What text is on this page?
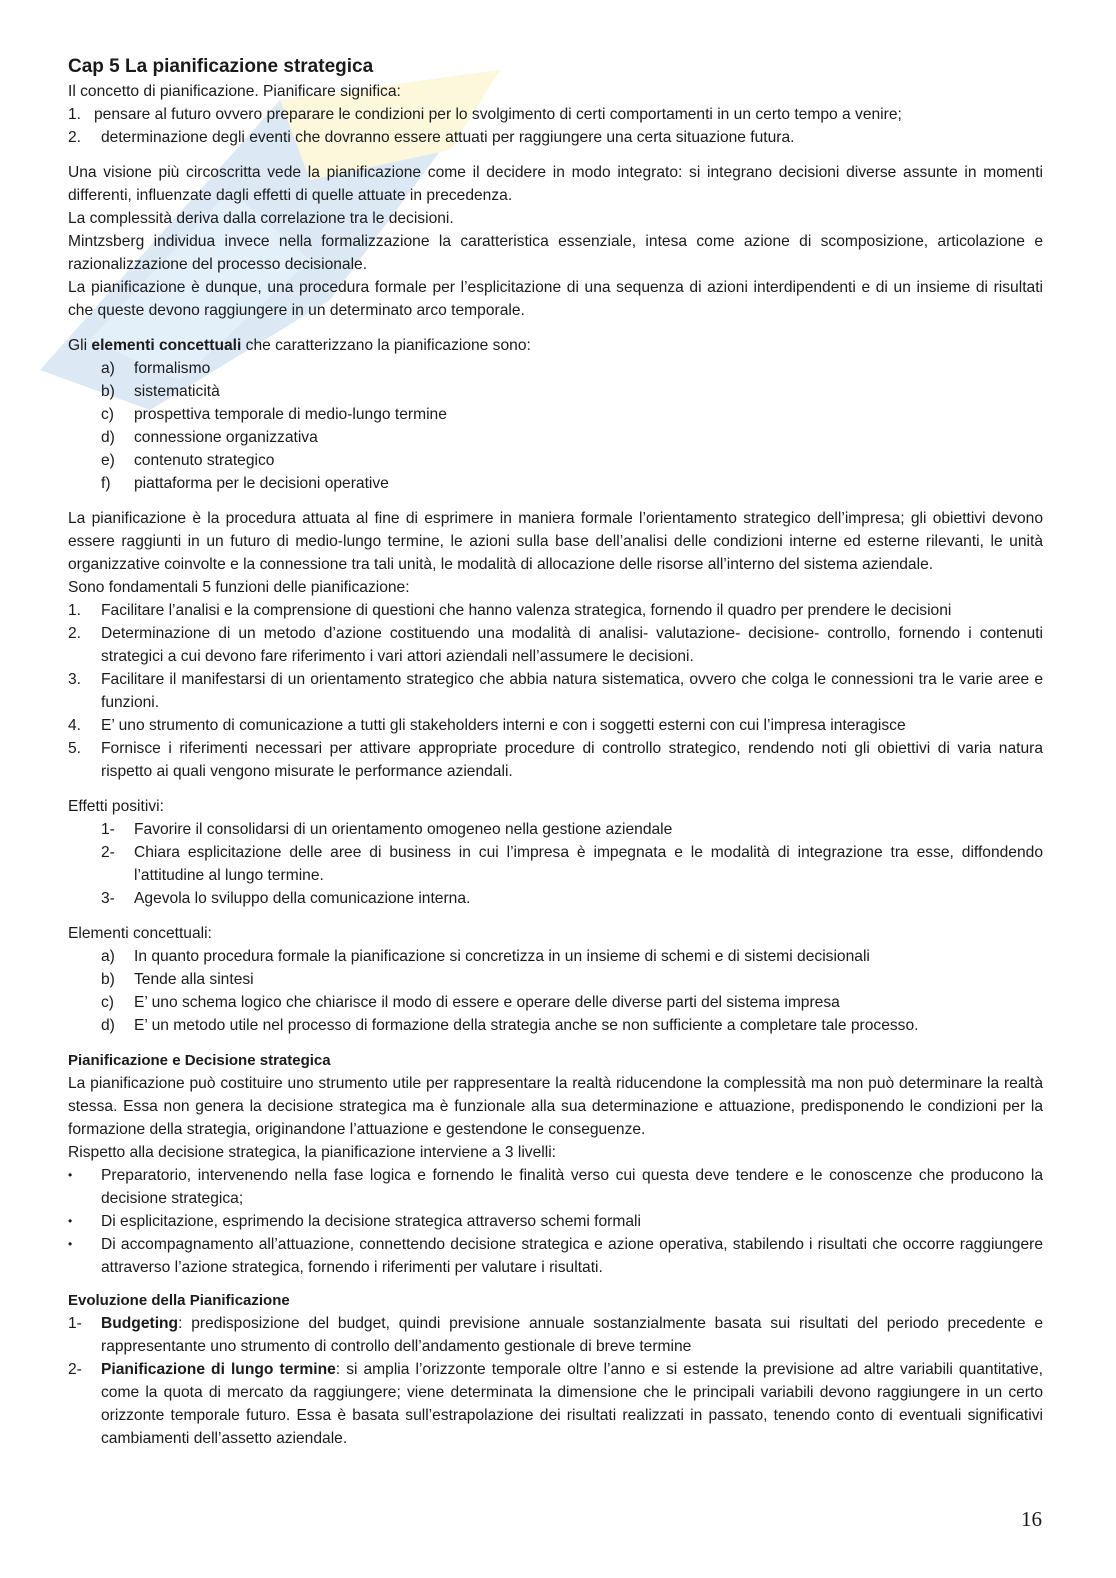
Cap 5 La pianificazione strategica

Il concetto di pianificazione. Pianificare significa:

1. pensare al futuro ovvero preparare le condizioni per lo svolgimento di certi comportamenti in un certo tempo a venire;
2.	determinazione degli eventi che dovranno essere attuati per raggiungere una certa situazione futura.

Una visione più circoscritta vede la pianificazione come il decidere in modo integrato: si integrano decisioni diverse assunte in momenti differenti, influenzate dagli effetti di quelle attuate in precedenza.

La complessità deriva dalla correlazione tra le decisioni.

Mintzsberg individua invece nella formalizzazione la caratteristica essenziale, intesa come azione di scomposizione, articolazione e razionalizzazione del processo decisionale.

La pianificazione è dunque, una procedura formale per l’esplicitazione di una sequenza di azioni interdipendenti e di un insieme di risultati che queste devono raggiungere in un determinato arco temporale.

Gli elementi concettuali che caratterizzano la pianificazione sono:

a)	formalismo
b)	sistematicità
c)	prospettiva temporale di medio-lungo termine
d)	connessione organizzativa
e)	contenuto strategico
f)	piattaforma per le decisioni operative

La pianificazione è la procedura attuata al fine di esprimere in maniera formale l’orientamento strategico dell’impresa; gli obiettivi devono essere raggiunti in un futuro di medio-lungo termine, le azioni sulla base dell’analisi delle condizioni interne ed esterne rilevanti, le unità organizzative coinvolte e la connessione tra tali unità, le modalità di allocazione delle risorse all’interno del sistema aziendale.

Sono fondamentali 5 funzioni delle pianificazione:

1.	Facilitare l’analisi e la comprensione di questioni che hanno valenza strategica, fornendo il quadro per prendere le decisioni
2.	Determinazione di un metodo d’azione costituendo una modalità di analisi- valutazione- decisione- controllo, fornendo i contenuti strategici a cui devono fare riferimento i vari attori aziendali nell’assumere le decisioni.
3.	Facilitare il manifestarsi di un orientamento strategico che abbia natura sistematica, ovvero che colga le connessioni tra le varie aree e funzioni.
4.	E’ uno strumento di comunicazione a tutti gli stakeholders interni e con i soggetti esterni con cui l’impresa interagisce
5.	Fornisce i riferimenti necessari per attivare appropriate procedure di controllo strategico, rendendo noti gli obiettivi di varia natura rispetto ai quali vengono misurate le performance aziendali.

Effetti positivi:

1-	Favorire il consolidarsi di un orientamento omogeneo nella gestione aziendale
2-	Chiara esplicitazione delle aree di business in cui l’impresa è impegnata e le modalità di integrazione tra esse, diffondendo l’attitudine al lungo termine.
3-	Agevola lo sviluppo della comunicazione interna.

Elementi concettuali:

a)	In quanto procedura formale la pianificazione si concretizza in un insieme di schemi e di sistemi decisionali
b)	Tende alla sintesi
c)	E’ uno schema logico che chiarisce il modo di essere e operare delle diverse parti del sistema impresa
d)	E’ un metodo utile nel processo di formazione della strategia anche se non sufficiente a completare tale processo.

Pianificazione e Decisione strategica

La pianificazione può costituire uno strumento utile per rappresentare la realtà riducendone la complessità ma non può determinare la realtà stessa. Essa non genera la decisione strategica ma è funzionale alla sua determinazione e attuazione, predisponendo le condizioni per la formazione della strategia, originandone l’attuazione e gestendone le conseguenze.

Rispetto alla decisione strategica, la pianificazione interviene a 3 livelli:

•	Preparatorio, intervenendo nella fase logica e fornendo le finalità verso cui questa deve tendere e le conoscenze che producono la decisione strategica;
•	Di esplicitazione, esprimendo la decisione strategica attraverso schemi formali
•	Di accompagnamento all’attuazione, connettendo decisione strategica e azione operativa, stabilendo i risultati che occorre raggiungere attraverso l’azione strategica, fornendo i riferimenti per valutare i risultati.

Evoluzione della Pianificazione

1-	Budgeting: predisposizione del budget, quindi previsione annuale sostanzialmente basata sui risultati del periodo precedente e rappresentante uno strumento di controllo dell’andamento gestionale di breve termine
2-	Pianificazione di lungo termine: si amplia l’orizzonte temporale oltre l’anno e si estende la previsione ad altre variabili quantitative, come la quota di mercato da raggiungere; viene determinata la dimensione che le principali variabili devono raggiungere in un certo orizzonte temporale futuro. Essa è basata sull’estrapolazione dei risultati realizzati in passato, tenendo conto di eventuali significativi cambiamenti dell’assetto aziendale.
16
